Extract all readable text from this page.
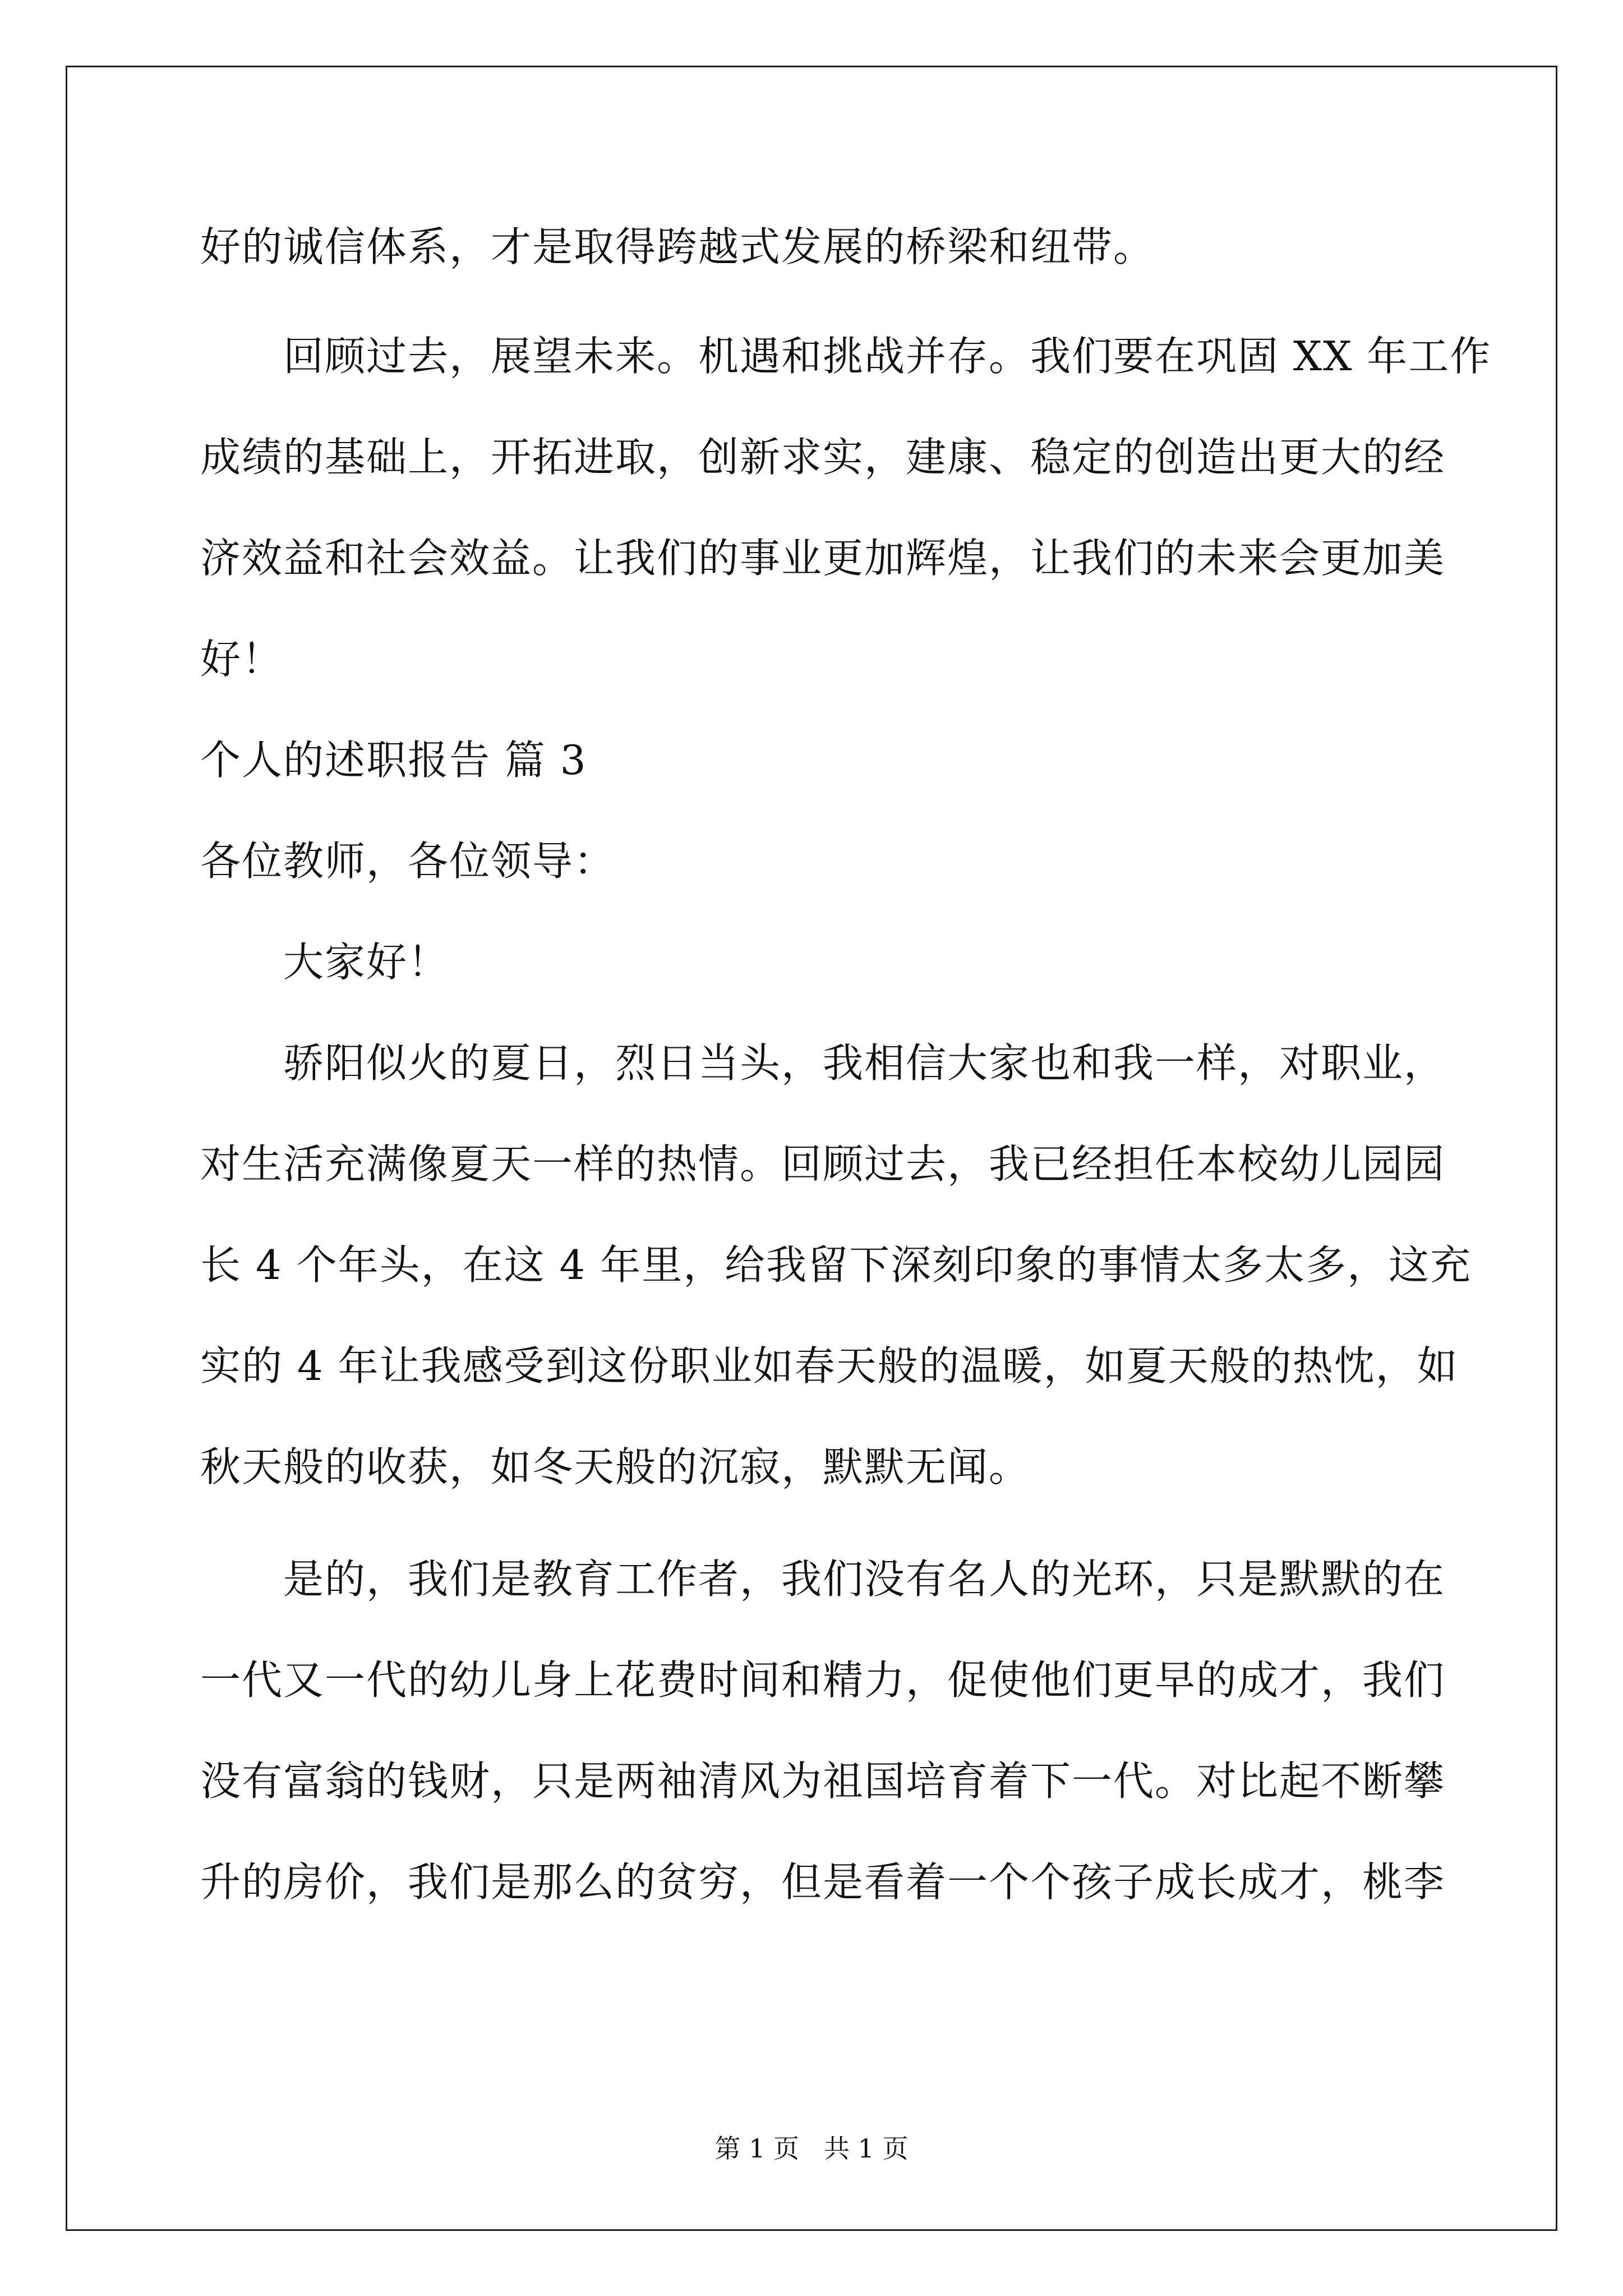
好的诚信体系，才是取得跨越式发展的桥梁和纽带。
回顾过去，展望未来。机遇和挑战并存。我们要在巩固 XX 年工作
成绩的基础上，开拓进取，创新求实，建康、稳定的创造出更大的经
济效益和社会效益。让我们的事业更加辉煌，让我们的未来会更加美
好！
个人的述职报告 篇 3
各位教师，各位领导：
大家好！
骄阳似火的夏日，烈日当头，我相信大家也和我一样，对职业，
对生活充满像夏天一样的热情。回顾过去，我已经担任本校幼儿园园
长 4 个年头，在这 4 年里，给我留下深刻印象的事情太多太多，这充
实的 4 年让我感受到这份职业如春天般的温暖，如夏天般的热忱，如
秋天般的收获，如冬天般的沉寂，默默无闻。
是的，我们是教育工作者，我们没有名人的光环，只是默默的在
一代又一代的幼儿身上花费时间和精力，促使他们更早的成才，我们
没有富翁的钱财，只是两袖清风为祖国培育着下一代。对比起不断攀
升的房价，我们是那么的贫穷，但是看着一个个孩子成长成才，桃李
第 1 页 共 1 页
